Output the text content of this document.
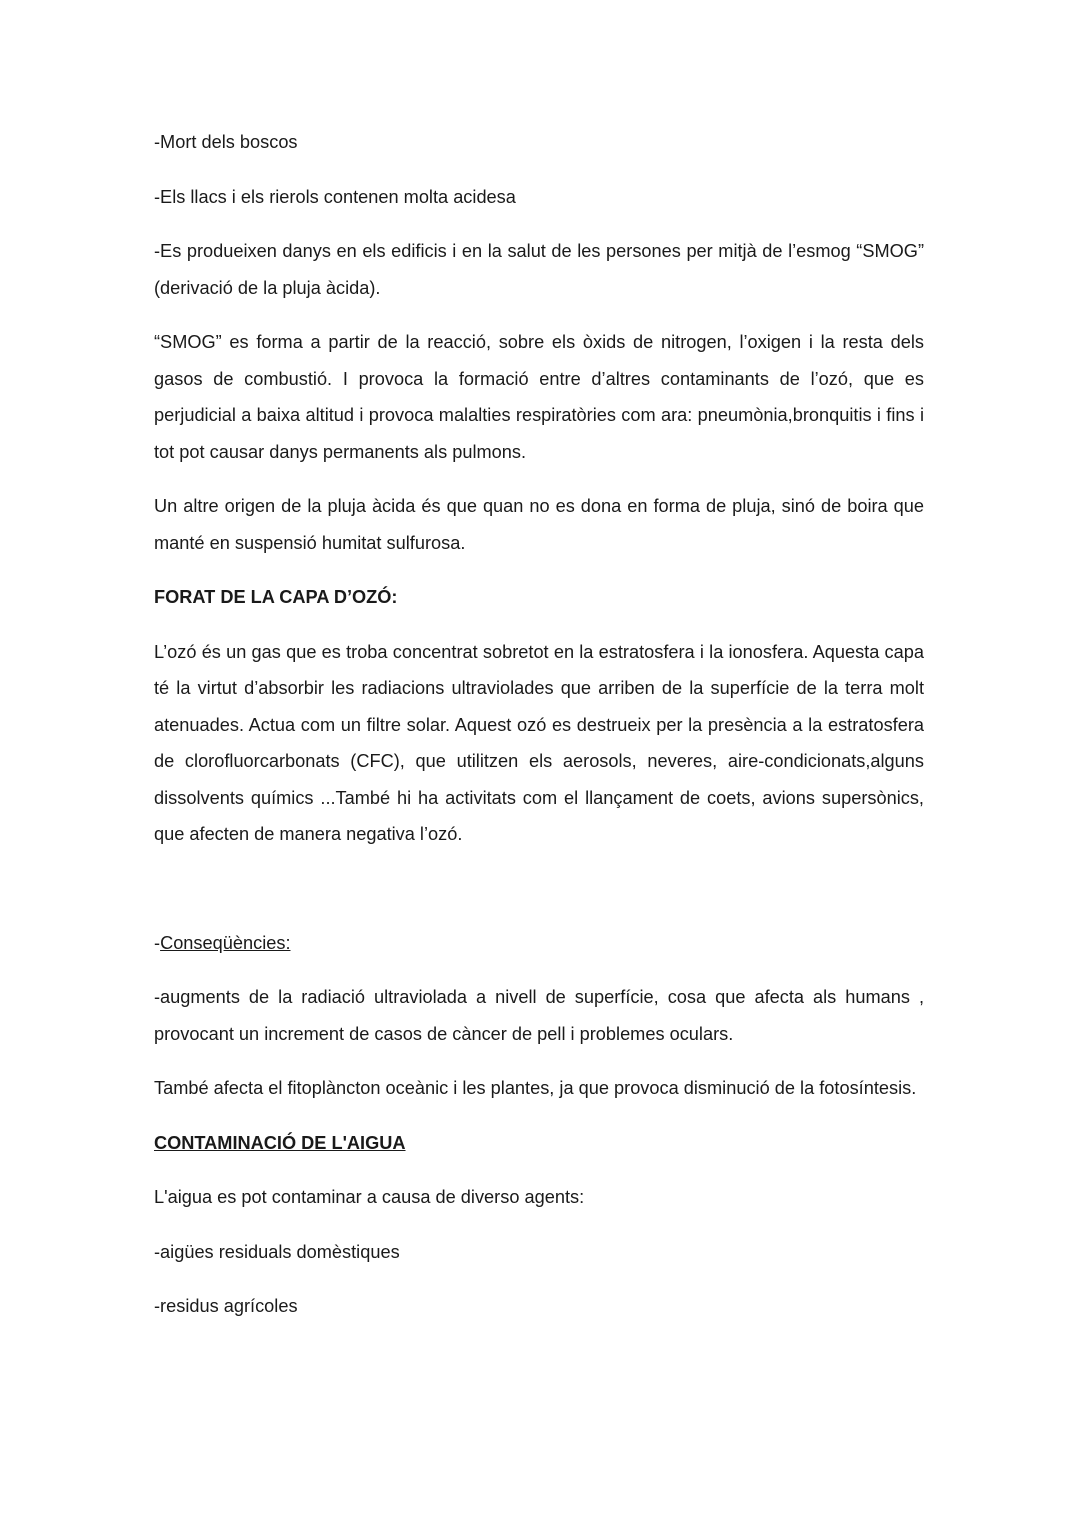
-Mort dels boscos

-Els llacs i els rierols contenen molta acidesa

-Es produeixen danys en els edificis i en la salut de les persones per mitjà de l’esmog “SMOG” (derivació de la pluja àcida).

“SMOG” es forma a partir de la reacció, sobre els òxids de nitrogen, l’oxigen i la resta dels gasos de combustió. I provoca la formació entre d’altres contaminants de l’ozó, que es perjudicial a baixa altitud i provoca malalties respiratòries com ara: pneumònia,bronquitis i fins i tot pot causar danys permanents als pulmons.

Un altre origen de la pluja àcida és que quan no es dona en forma de pluja, sinó de boira que manté en suspensió humitat sulfurosa.

FORAT DE LA CAPA D’OZÓ:

L’ozó és un gas que es troba concentrat sobretot en la estratosfera i la ionosfera. Aquesta capa té la virtut d’absorbir les radiacions ultraviolades que arriben de la superfície de la terra molt atenuades. Actua com un filtre solar. Aquest ozó es destrueix per la presència a la estratosfera de clorofluorcarbonats (CFC), que utilitzen els aerosols, neveres, aire-condicionats,alguns dissolvents químics ...També hi ha activitats com el llançament de coets, avions supersònics, que afecten de manera negativa l’ozó.

-Conseqüències:

-augments de la radiació ultraviolada a nivell de superfície, cosa que afecta als humans , provocant un increment de casos de càncer de pell i problemes oculars.

També afecta el fitoplàncton oceànic i les plantes, ja que provoca disminució de la fotosíntesis.

CONTAMINACIÓ DE L'AIGUA

L'aigua es pot contaminar a causa de diverso agents:

-aigües residuals domèstiques

-residus agrícoles
